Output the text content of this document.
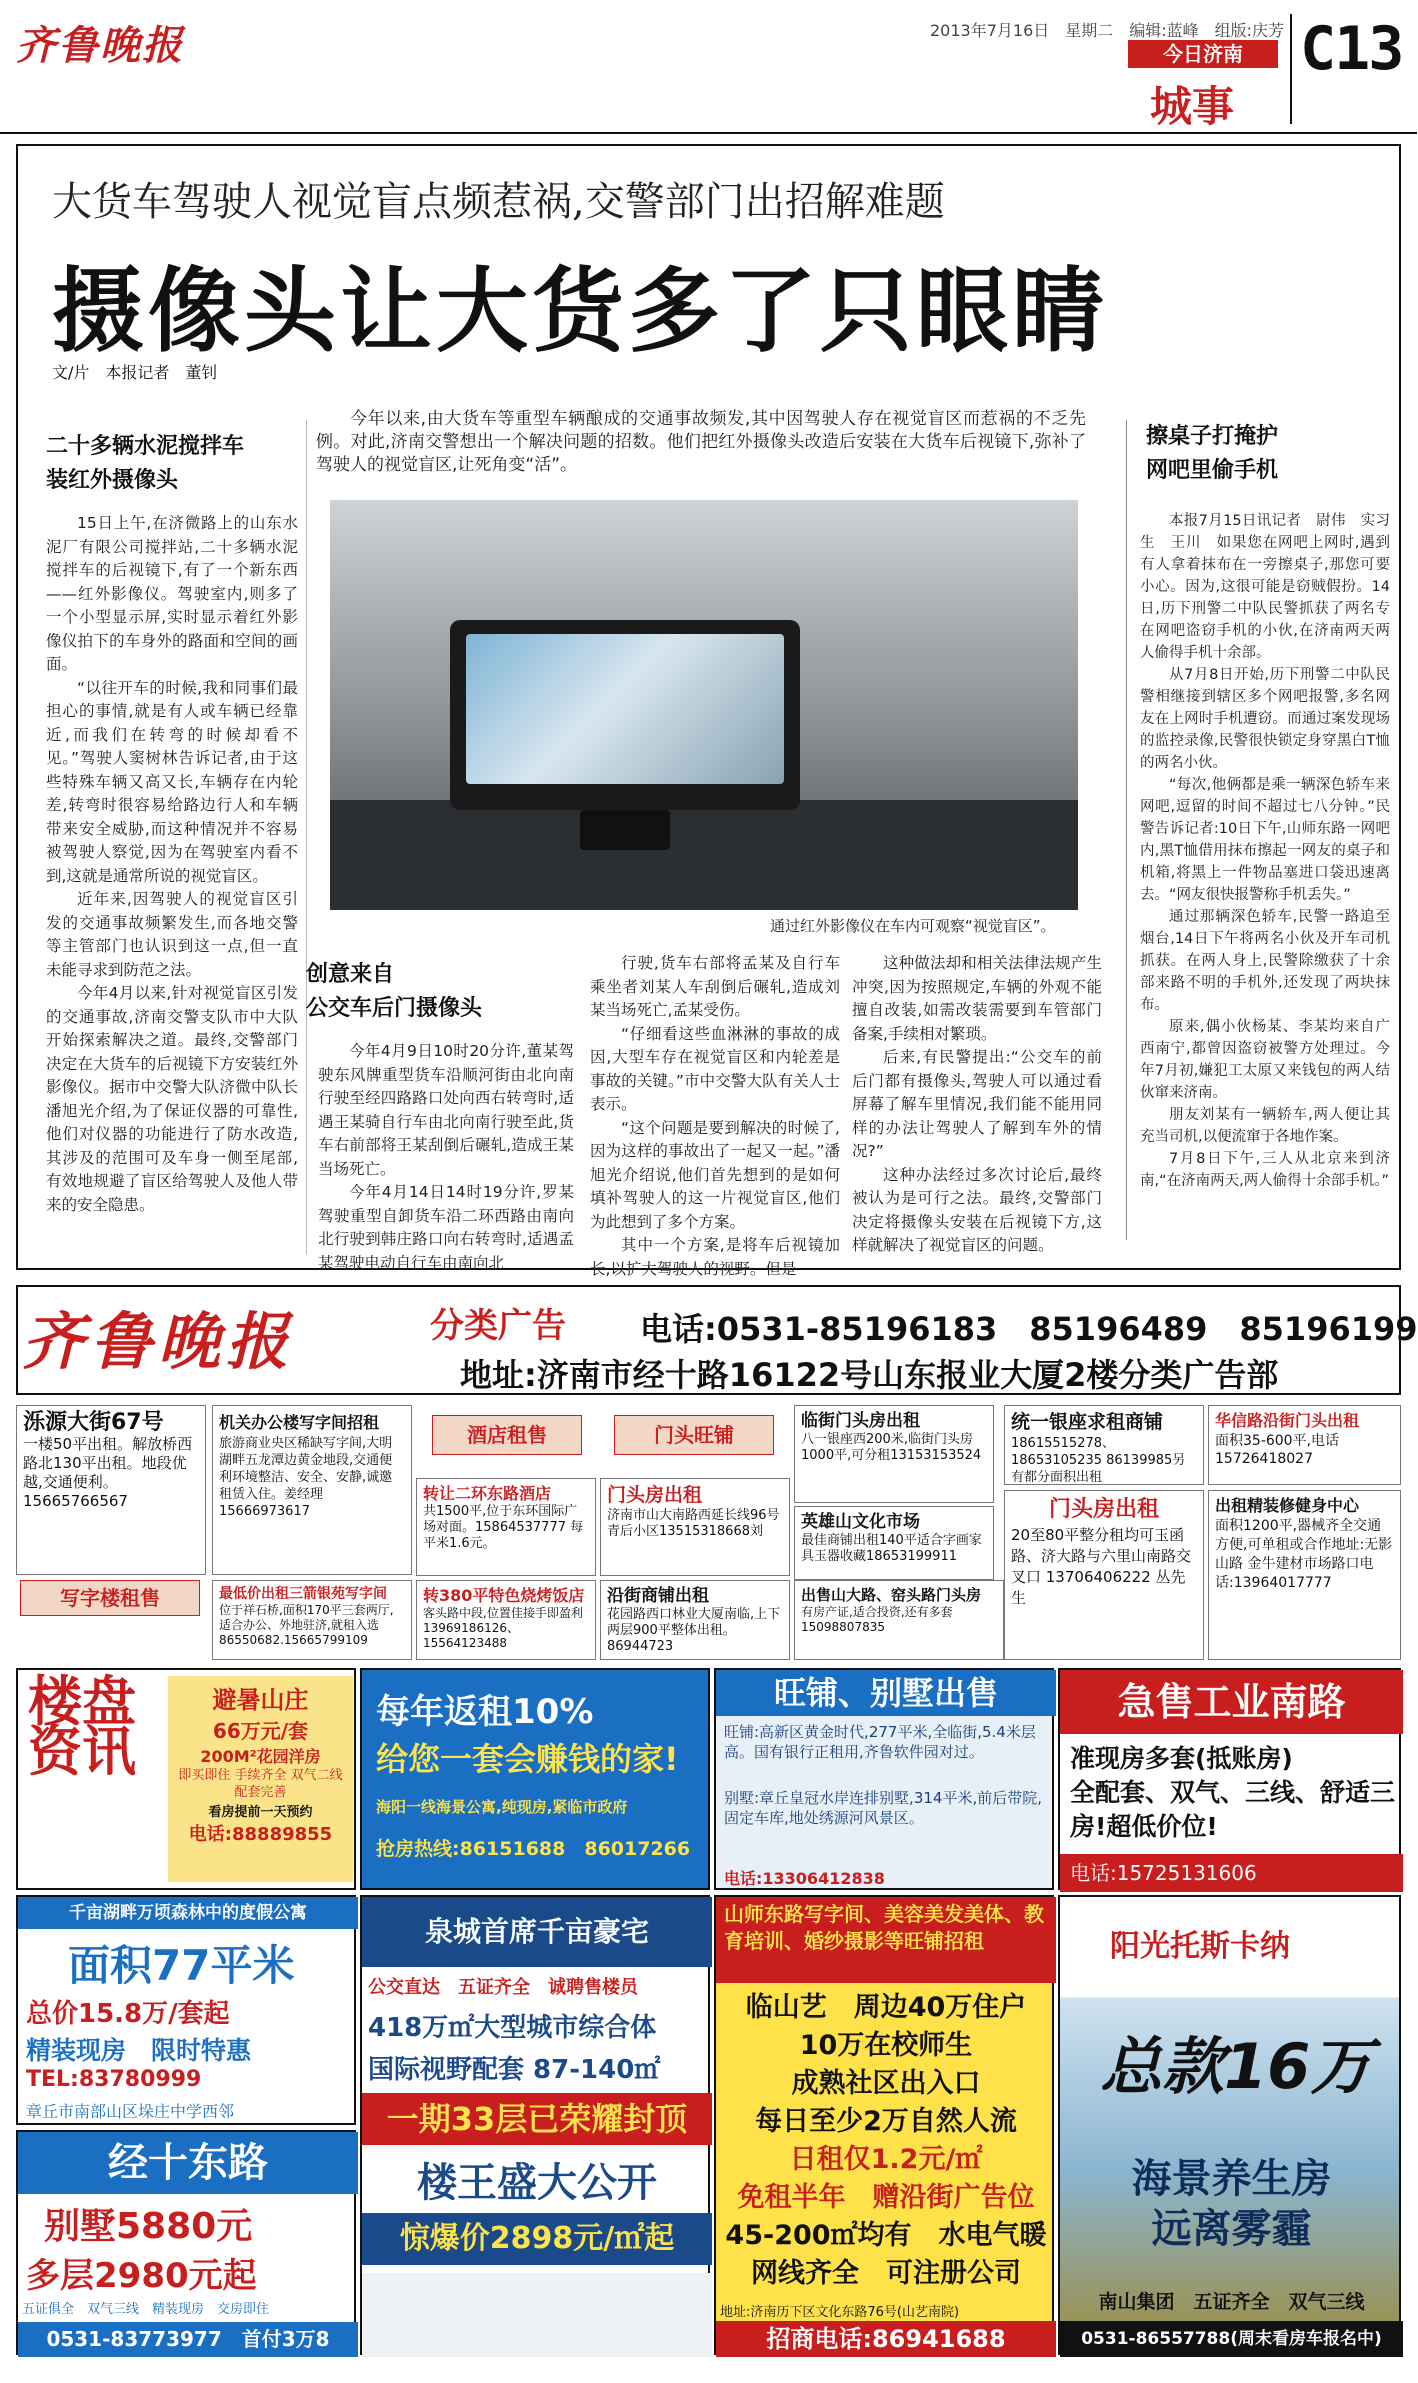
齐鲁晚报	2013年7月16日　星期二　编辑:蓝峰　组版:庆芳
今日济南
城事
C13
大货车驾驶人视觉盲点频惹祸,交警部门出招解难题
摄像头让大货多了只眼睛
文/片　本报记者　董钊
今年以来,由大货车等重型车辆酿成的交通事故频发,其中因驾驶人存在视觉盲区而惹祸的不乏先例。对此,济南交警想出一个解决问题的招数。他们把红外摄像头改造后安装在大货车后视镜下,弥补了驾驶人的视觉盲区,让死角变“活”。
二十多辆水泥搅拌车
装红外摄像头

15日上午,在济微路上的山东水泥厂有限公司搅拌站,二十多辆水泥搅拌车的后视镜下,有了一个新东西——红外影像仪。驾驶室内,则多了一个小型显示屏,实时显示着红外影像仪拍下的车身外的路面和空间的画面。

“以往开车的时候,我和同事们最担心的事情,就是有人或车辆已经靠近,而我们在转弯的时候却看不见。”驾驶人窦树林告诉记者,由于这些特殊车辆又高又长,车辆存在内轮差,转弯时很容易给路边行人和车辆带来安全威胁,而这种情况并不容易被驾驶人察觉,因为在驾驶室内看不到,这就是通常所说的视觉盲区。

近年来,因驾驶人的视觉盲区引发的交通事故频繁发生,而各地交警等主管部门也认识到这一点,但一直未能寻求到防范之法。

今年4月以来,针对视觉盲区引发的交通事故,济南交警支队市中大队开始探索解决之道。最终,交警部门决定在大货车的后视镜下方安装红外影像仪。据市中交警大队济微中队长潘旭光介绍,为了保证仪器的可靠性,他们对仪器的功能进行了防水改造,其涉及的范围可及车身一侧至尾部,有效地规避了盲区给驾驶人及他人带来的安全隐患。

通过红外影像仪在车内可观察“视觉盲区”。
创意来自
公交车后门摄像头

今年4月9日10时20分许,董某驾驶东风牌重型货车沿顺河街由北向南行驶至经四路路口处向西右转弯时,适遇王某骑自行车由北向南行驶至此,货车右前部将王某刮倒后碾轧,造成王某当场死亡。

今年4月14日14时19分许,罗某驾驶重型自卸货车沿二环西路由南向北行驶到韩庄路口向右转弯时,适遇孟某驾驶电动自行车由南向北

行驶,货车右部将孟某及自行车乘坐者刘某人车刮倒后碾轧,造成刘某当场死亡,孟某受伤。

“仔细看这些血淋淋的事故的成因,大型车存在视觉盲区和内轮差是事故的关键。”市中交警大队有关人士表示。

“这个问题是要到解决的时候了,因为这样的事故出了一起又一起。”潘旭光介绍说,他们首先想到的是如何填补驾驶人的这一片视觉盲区,他们为此想到了多个方案。

其中一个方案,是将车后视镜加长,以扩大驾驶人的视野。但是

这种做法却和相关法律法规产生冲突,因为按照规定,车辆的外观不能擅自改装,如需改装需要到车管部门备案,手续相对繁琐。

后来,有民警提出:“公交车的前后门都有摄像头,驾驶人可以通过看屏幕了解车里情况,我们能不能用同样的办法让驾驶人了解到车外的情况?”

这种办法经过多次讨论后,最终被认为是可行之法。最终,交警部门决定将摄像头安装在后视镜下方,这样就解决了视觉盲区的问题。

擦桌子打掩护
网吧里偷手机

本报7月15日讯记者　尉伟　实习生　王川　如果您在网吧上网时,遇到有人拿着抹布在一旁擦桌子,那您可要小心。因为,这很可能是窃贼假扮。14日,历下刑警二中队民警抓获了两名专在网吧盗窃手机的小伙,在济南两天两人偷得手机十余部。

从7月8日开始,历下刑警二中队民警相继接到辖区多个网吧报警,多名网友在上网时手机遭窃。而通过案发现场的监控录像,民警很快锁定身穿黑白T恤的两名小伙。

“每次,他俩都是乘一辆深色轿车来网吧,逗留的时间不超过七八分钟。”民警告诉记者:10日下午,山师东路一网吧内,黑T恤借用抹布擦起一网友的桌子和机箱,将黑上一件物品塞进口袋迅速离去。“网友很快报警称手机丢失。”

通过那辆深色轿车,民警一路追至烟台,14日下午将两名小伙及开车司机抓获。在两人身上,民警除缴获了十余部来路不明的手机外,还发现了两块抹布。

原来,偶小伙杨某、李某均来自广西南宁,都曾因盗窃被警方处理过。今年7月初,嫌犯工太原又来钱包的两人结伙窜来济南。

朋友刘某有一辆轿车,两人便让其充当司机,以便流窜于各地作案。

7月8日下午,三人从北京来到济南,“在济南两天,两人偷得十余部手机。”

齐鲁晚报	分类广告 电话:0531-85196183　85196489　85196199
地址:济南市经十路16122号山东报业大厦2楼分类广告部
泺源大街67号
一楼50平出租。解放桥西路北130平出租。地段优越,交通便利。15665766567
写字楼租售
机关办公楼写字间招租
旅游商业央区稀缺写字间,大明湖畔五龙潭边黄金地段,交通便利环境整洁、安全、安静,诚邀租赁入住。姜经理 15666973617
最低价出租三箭银苑写字间
位于祥石桥,面积170平三套两厅,适合办公、外地驻济,就租入选86550682.15665799109
酒店租售
转让二环东路酒店
共1500平,位于东环国际广场对面。15864537777 每平米1.6元。
转380平特色烧烤饭店
客头路中段,位置佳接手即盈利13969186126、15564123488
门头旺铺
门头房出租
济南市山大南路西延长线96号青后小区13515318668刘
沿街商铺出租
花园路西口林业大厦南临,上下两层900平整体出租。86944723
临街门头房出租
八一银座西200米,临街门头房1000平,可分租13153153524
英雄山文化市场
最佳商铺出租140平适合字画家具玉器收藏18653199911
出售山大路、窑头路门头房
有房产证,适合投资,还有多套15098807835
统一银座求租商铺
18615515278、18653105235 86139985另有都分面积出租
门头房出租
20至80平整分租均可玉函路、济大路与六里山南路交叉口 13706406222 丛先生
华信路沿街门头出租
面积35-600平,电话15726418027
出租精装修健身中心
面积1200平,器械齐全交通方便,可单租或合作地址:无影山路 金牛建材市场路口电话:13964017777
楼盘资讯
避暑山庄
66万元/套
200M²花园洋房
即买即住 手续齐全 双气二线 配套完善
看房提前一天预约
电话:88889855
每年返租10%
给您一套会赚钱的家!
海阳一线海景公寓,纯现房,紧临市政府
抢房热线:86151688　86017266
旺铺、别墅出售
旺铺:高新区黄金时代,277平米,全临街,5.4米层高。国有银行正租用,齐鲁软件园对过。
别墅:章丘皇冠水岸连排别墅,314平米,前后带院,固定车库,地处绣源河风景区。
电话:13306412838
急售工业南路
准现房多套(抵账房)
全配套、双气、三线、舒适三房!超低价位!
电话:15725131606
千亩湖畔万顷森林中的度假公寓
面积77平米
总价15.8万/套起
精装现房　限时特惠
TEL:83780999
章丘市南部山区垛庄中学西邻
泉城首席千亩豪宅
公交直达　五证齐全　诚聘售楼员
418万㎡大型城市综合体
国际视野配套 87-140㎡
一期33层已荣耀封顶
楼王盛大公开
惊爆价2898元/㎡起
山师东路写字间、美容美发美体、教育培训、婚纱摄影等旺铺招租
临山艺　周边40万住户
10万在校师生
成熟社区出入口
每日至少2万自然人流
日租仅1.2元/㎡
免租半年　赠沿街广告位
45-200㎡均有　水电气暖
网线齐全　可注册公司
地址:济南历下区文化东路76号(山艺南院)
招商电话:86941688
阳光托斯卡纳
总款16万
海景养生房
远离雾霾
南山集团　五证齐全　双气三线
0531-86557788(周末看房车报名中)
经十东路
别墅5880元
多层2980元起
五证俱全　双气三线　精装现房　交房即住
0531-83773977　首付3万8
